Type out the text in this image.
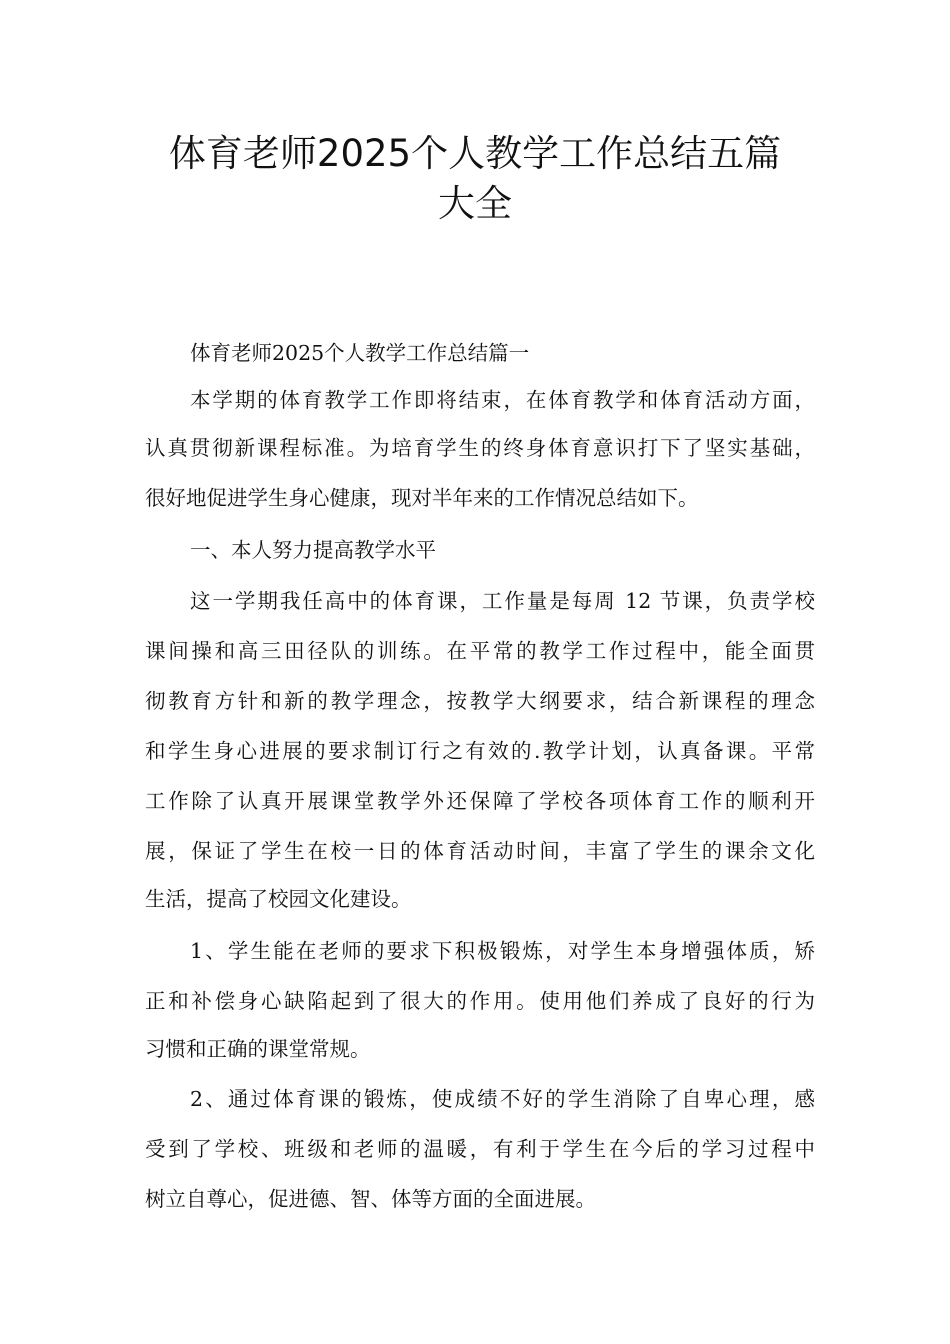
体育老师2025个人教学工作总结五篇
大全

体育老师2025个人教学工作总结篇一

本学期的体育教学工作即将结束，在体育教学和体育活动方面，

认真贯彻新课程标准。为培育学生的终身体育意识打下了坚实基础，

很好地促进学生身心健康，现对半年来的工作情况总结如下。

一、本人努力提高教学水平

这一学期我任高中的体育课，工作量是每周 12 节课，负责学校

课间操和高三田径队的训练。在平常的教学工作过程中，能全面贯

彻教育方针和新的教学理念，按教学大纲要求，结合新课程的理念

和学生身心进展的要求制订行之有效的.教学计划，认真备课。平常

工作除了认真开展课堂教学外还保障了学校各项体育工作的顺利开

展，保证了学生在校一日的体育活动时间，丰富了学生的课余文化

生活，提高了校园文化建设。

1、学生能在老师的要求下积极锻炼，对学生本身增强体质，矫

正和补偿身心缺陷起到了很大的作用。使用他们养成了良好的行为

习惯和正确的课堂常规。

2、通过体育课的锻炼，使成绩不好的学生消除了自卑心理，感

受到了学校、班级和老师的温暖，有利于学生在今后的学习过程中

树立自尊心，促进德、智、体等方面的全面进展。
